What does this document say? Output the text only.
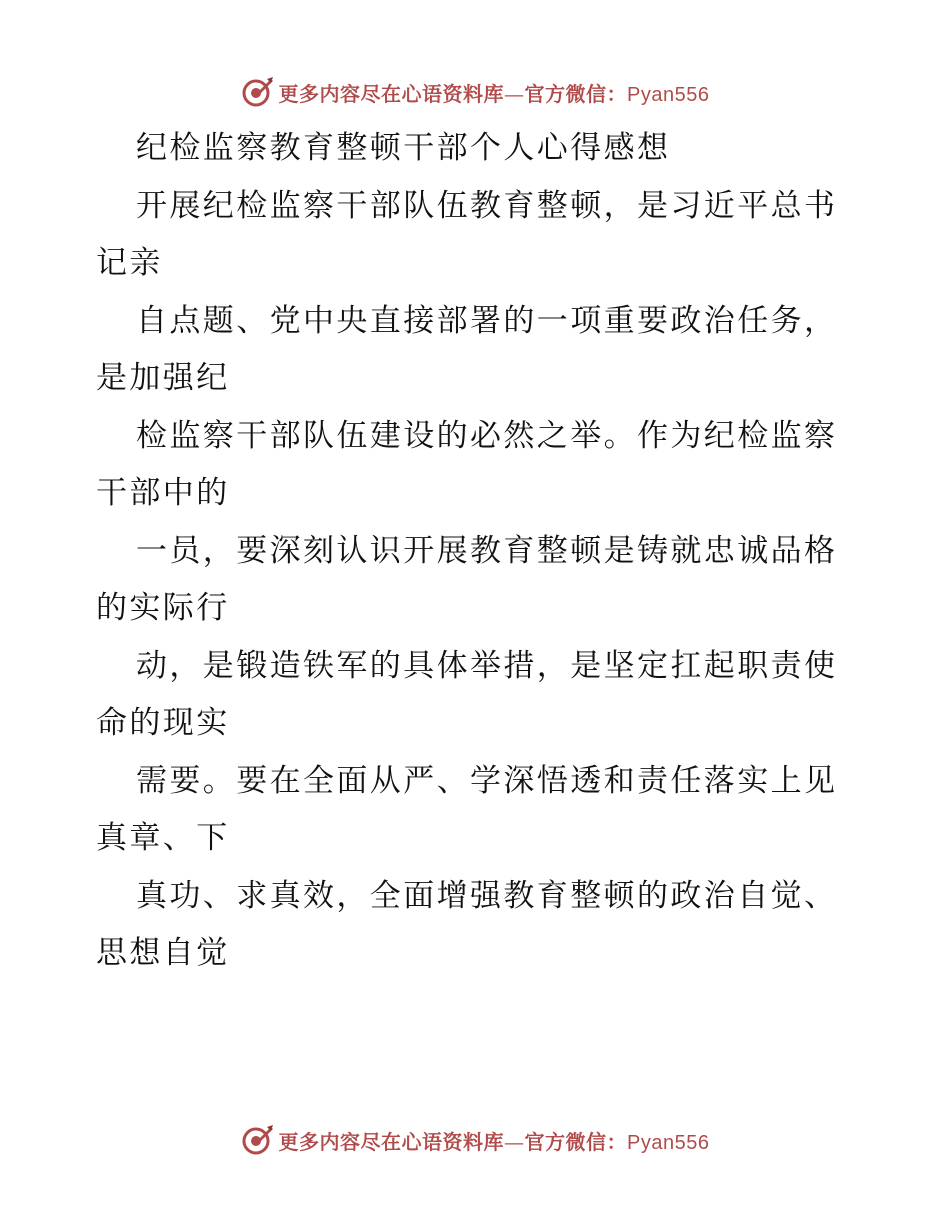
更多内容尽在心语资料库—官方微信：Pyan556

纪检监察教育整顿干部个人心得感想

开展纪检监察干部队伍教育整顿，是习近平总书

记亲

自点题、党中央直接部署的一项重要政治任务，

是加强纪

检监察干部队伍建设的必然之举。作为纪检监察

干部中的

一员，要深刻认识开展教育整顿是铸就忠诚品格

的实际行

动，是锻造铁军的具体举措，是坚定扛起职责使

命的现实

需要。要在全面从严、学深悟透和责任落实上见

真章、下

真功、求真效，全面增强教育整顿的政治自觉、

思想自觉

更多内容尽在心语资料库—官方微信：Pyan556
